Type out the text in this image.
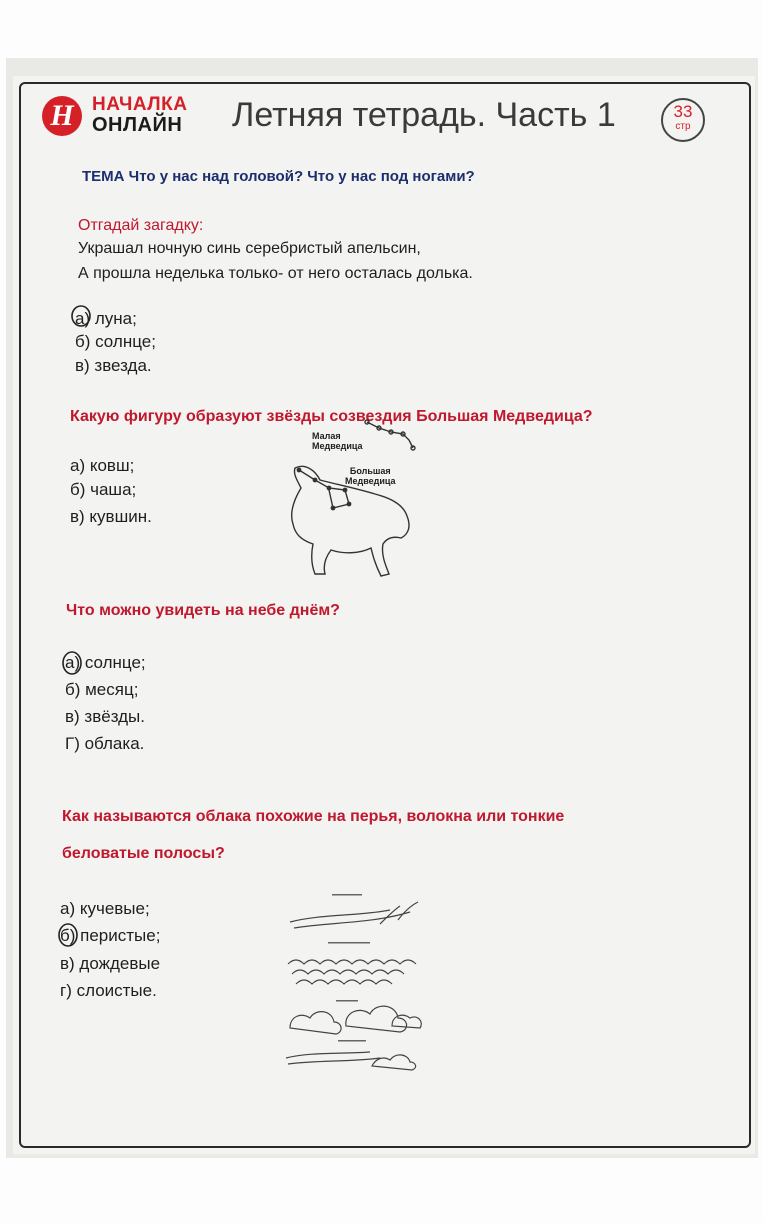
Н НАЧАЛКА
ОНЛАЙН Летняя тетрадь. Часть 1	33
стр
ТЕМА Что у нас над головой? Что у нас под ногами?
Отгадай загадку:
Украшал ночную синь серебристый апельсин,
А прошла неделька только- от него осталась долька.
а) луна;
б) солнце;
в) звезда.
Какую фигуру образуют звёзды созвездия Большая Медведица?
а) ковш;
б) чаша;
в) кувшин.
Малая
Медведица
Большая
Медведица
Что можно увидеть на небе днём?
а) солнце;
б) месяц;
в) звёзды.
Г) облака.
Как называются облака похожие на перья, волокна или тонкие
беловатые полосы?
а) кучевые;
б) перистые;
в) дождевые
г) слоистые.
